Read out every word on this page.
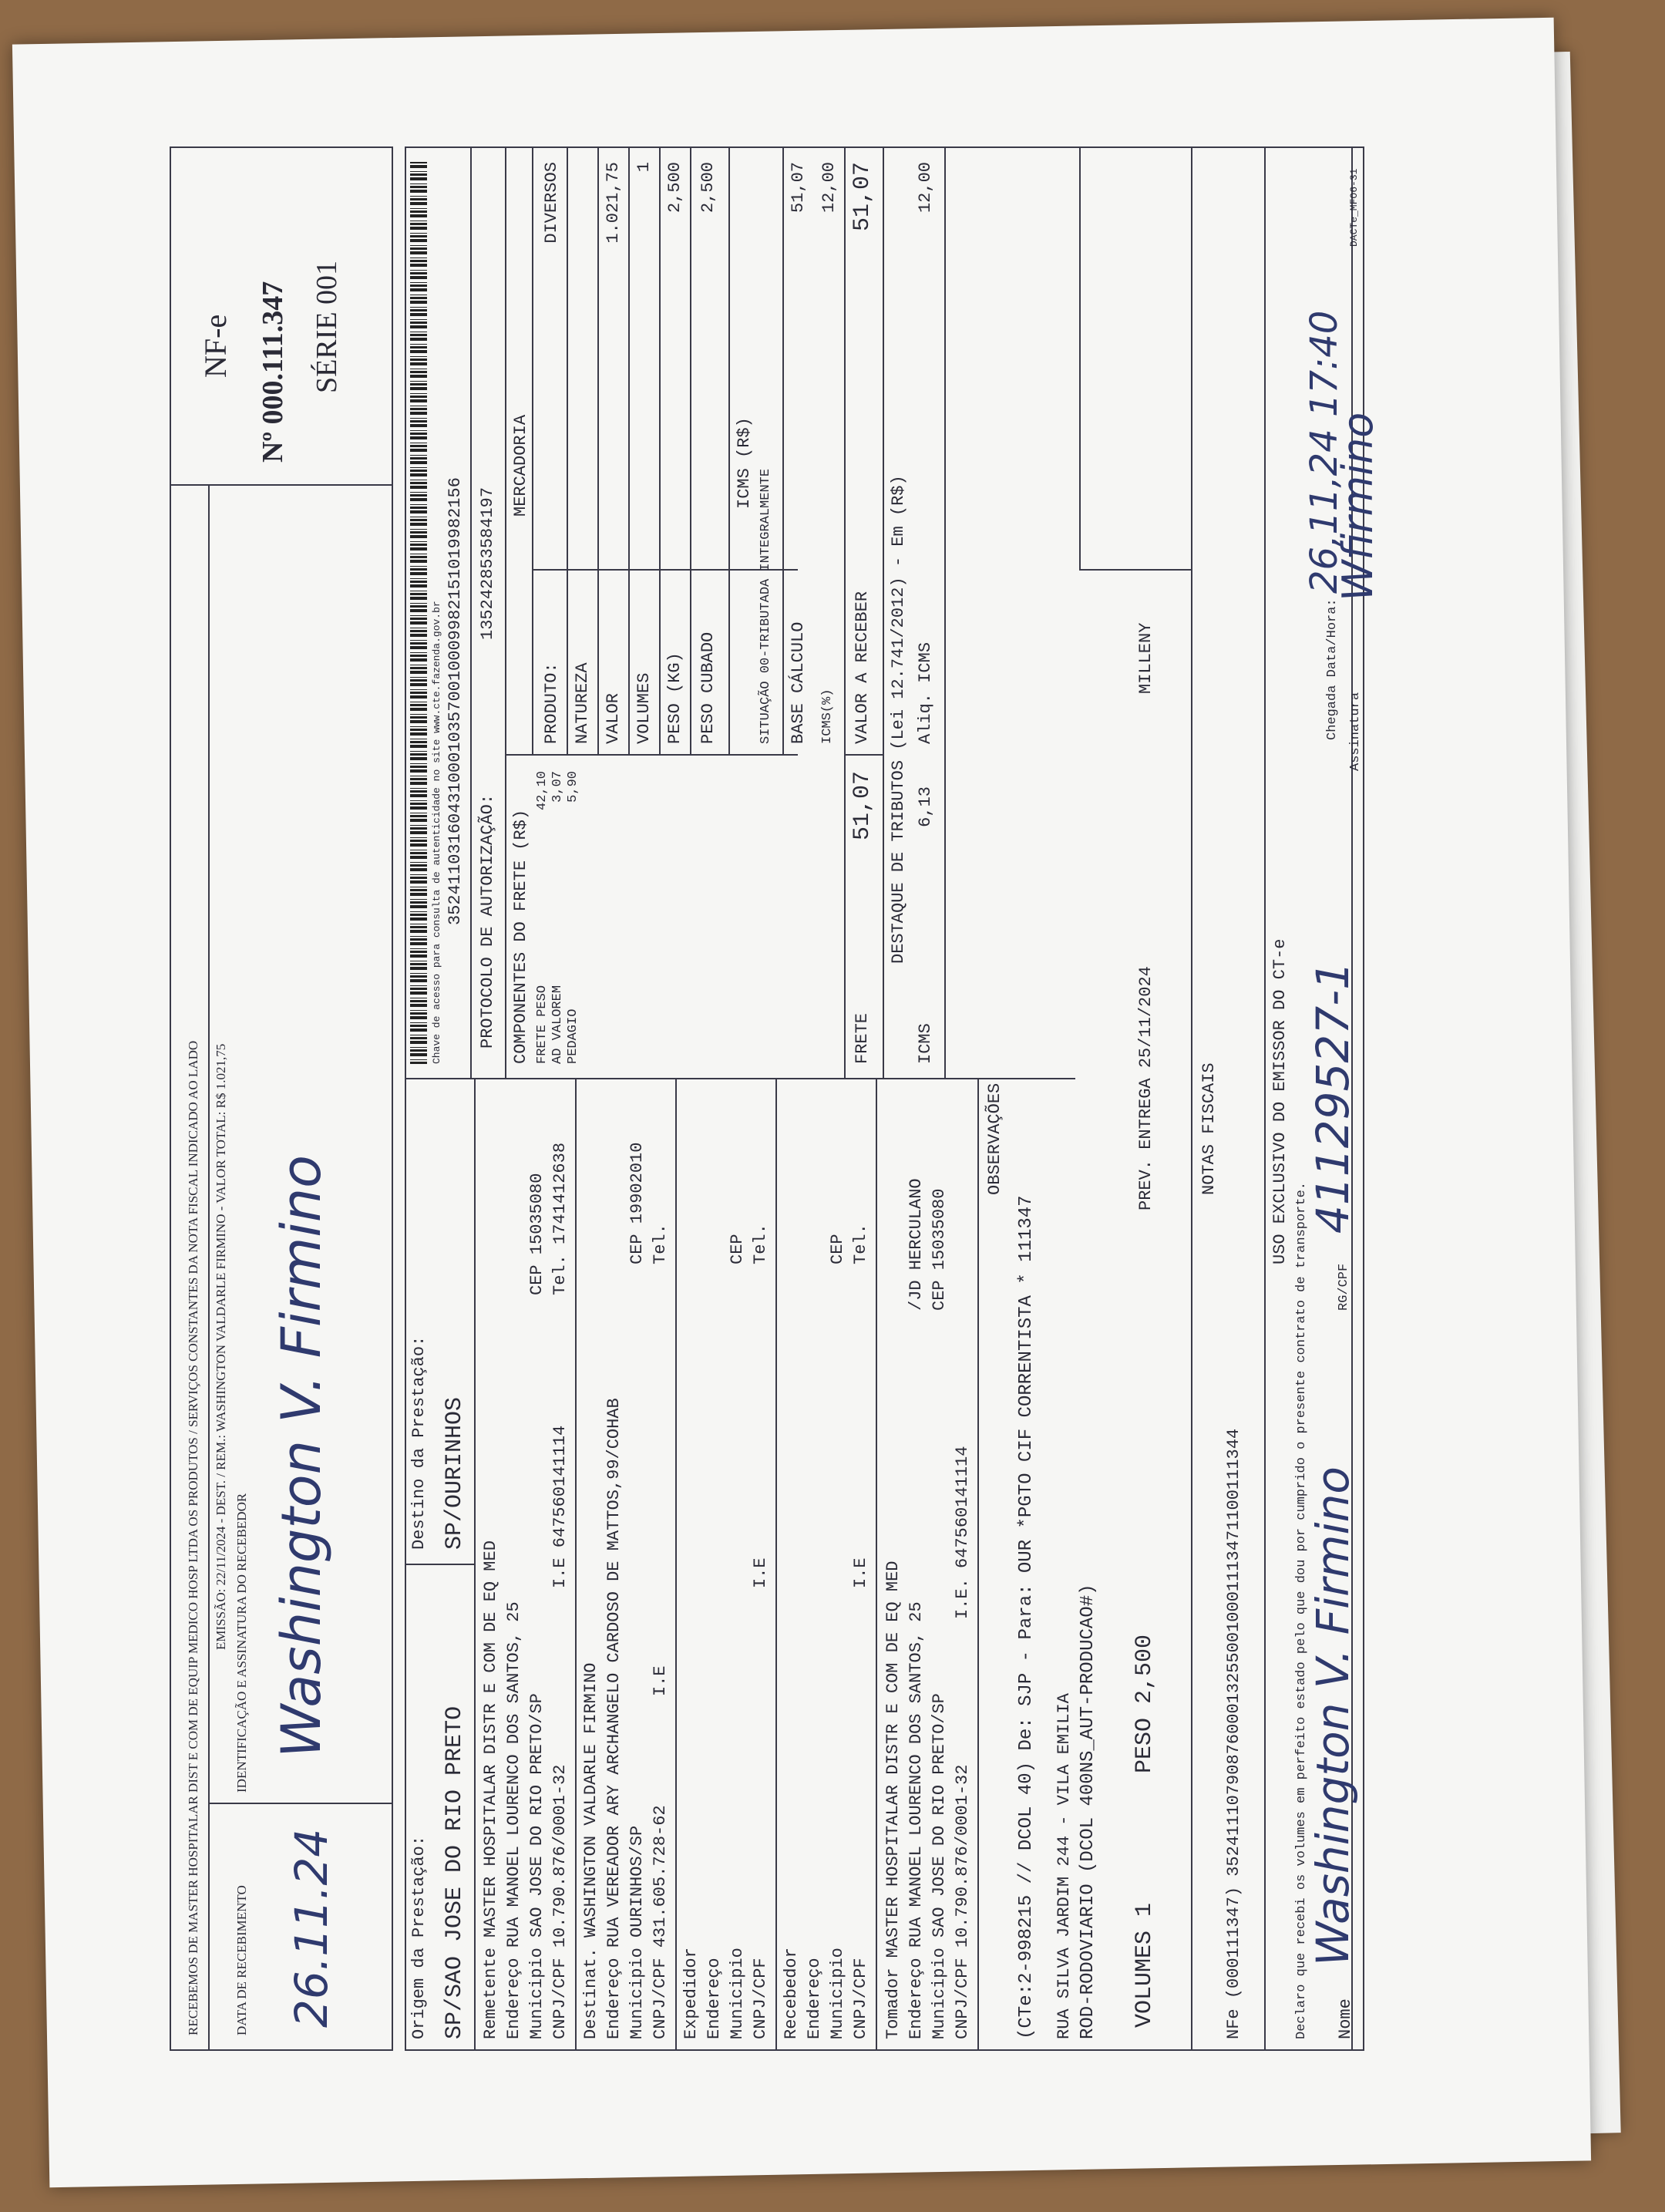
RECEBEMOS DE MASTER HOSPITALAR DIST E COM DE EQUIP MEDICO HOSP LTDA OS PRODUTOS / SERVIÇOS CONSTANTES DA NOTA FISCAL INDICADO AO LADO EMISSÃO: 22/11/2024 - DEST. / REM.: WASHINGTON VALDARLE FIRMINO - VALOR TOTAL: R$ 1.021,75
DATA DE RECEBIMENTO
IDENTIFICAÇÃO E ASSINATURA DO RECEBEDOR
26.11.24
Washington V. Firmino
NF-e Nº 000.111.347 SÉRIE 001
Origem da Prestação: SP/SAO JOSE DO RIO PRETO
Destino da Prestação: SP/OURINHOS
Remetente MASTER HOSPITALAR DISTR E COM DE EQ MED
Endereço RUA MANOEL LOURENCO DOS SANTOS, 25
Municipio SAO JOSE DO RIO PRETO/SP
CEP 15035080
CNPJ/CPF 10.790.876/0001-32
I.E 647560141114
Tel. 1741412638
Destinat. WASHINGTON VALDARLE FIRMINO
Endereço RUA VEREADOR ARY ARCHANGELO CARDOSO DE MATTOS,99/COHAB
Municipio OURINHOS/SP
CEP 19902010
CNPJ/CPF 431.605.728-62
I.E
Tel.
Expedidor Endereço Municipio
CEP
CNPJ/CPF
I.E
Tel.
Recebedor Endereço Municipio
CEP
CNPJ/CPF
I.E
Tel.
Tomador MASTER HOSPITALAR DISTR E COM DE EQ MED
Endereço RUA MANOEL LOURENCO DOS SANTOS, 25
/JD HERCULANO
Municipio SAO JOSE DO RIO PRETO/SP
CEP 15035080
CNPJ/CPF 10.790.876/0001-32
I.E. 647560141114
Chave de acesso para consulta de autenticidade no site www.cte.fazenda.gov.br 35241103160431000103570010009982151019982156 PROTOCOLO DE AUTORIZAÇÃO:
135242853584197
COMPONENTES DO FRETE (R$) FRETE PESO
42,10
AD VALOREM
3,07
PEDAGIO
5,90
MERCADORIA
PRODUTO:
DIVERSOS
NATUREZA VALOR
1.021,75
VOLUMES
1
PESO (KG)
2,500
PESO CUBADO
2,500
ICMS (R$)
SITUAÇÃO 00-TRIBUTADA INTEGRALMENTE BASE CÁLCULO
51,07
ICMS(%)
12,00
FRETE
51,07
VALOR A RECEBER
51,07
DESTAQUE DE TRIBUTOS (Lei 12.741/2012) - Em (R$)
ICMS
6,13
Aliq. ICMS
12,00
OBSERVAÇÕES
(CTe:2-998215 // DCOL 40) De: SJP - Para: OUR *PGTO CIF CORRENTISTA * 111347 RUA SILVA JARDIM 244 - VILA EMILIA ROD-RODOVIARIO (DCOL 400NS_AUT-PRODUCAO#) VOLUMES 1
PESO 2,500
PREV. ENTREGA 25/11/2024
MILLENY
NOTAS FISCAIS
NFe (000111347) 35241110790876000132550010001113471100111344
USO EXCLUSIVO DO EMISSOR DO CT-e
Declaro que recebi os volumes em perfeito estado pelo que dou por cumprido o presente contrato de transporte. Nome
Washington V. Firmino
RG/CPF
41129527-1
Chegada Data/Hora:
26,11,24 17:40
Assinatura
Wfirmino
DACTe_MFO6-31
